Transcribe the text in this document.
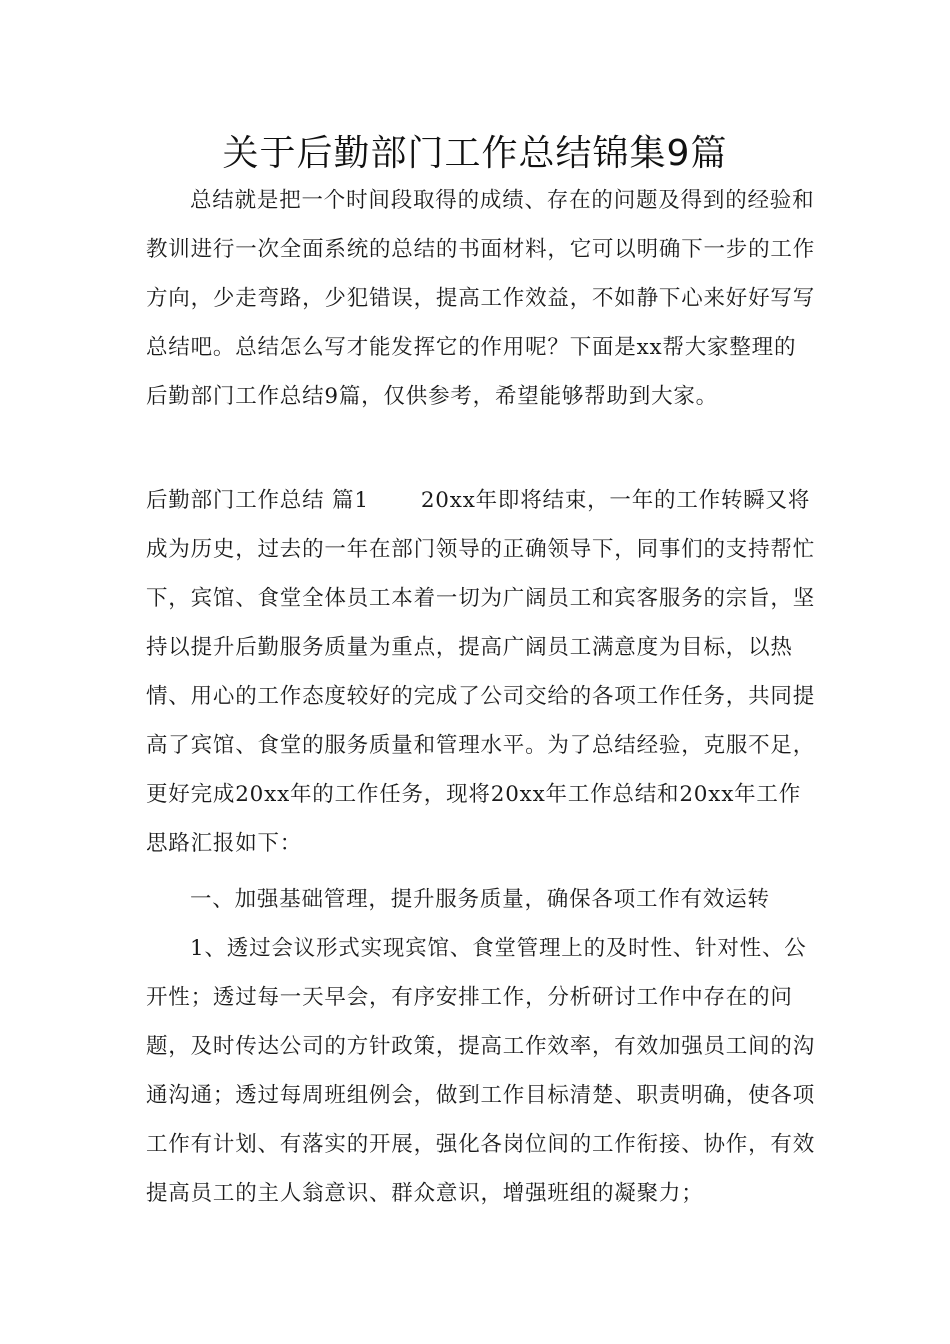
关于后勤部门工作总结锦集9篇

总结就是把一个时间段取得的成绩、存在的问题及得到的经验和教训进行一次全面系统的总结的书面材料，它可以明确下一步的工作方向，少走弯路，少犯错误，提高工作效益，不如静下心来好好写写总结吧。总结怎么写才能发挥它的作用呢？下面是xx帮大家整理的后勤部门工作总结9篇，仅供参考，希望能够帮助到大家。

后勤部门工作总结 篇1 20xx年即将结束，一年的工作转瞬又将成为历史，过去的一年在部门领导的正确领导下，同事们的支持帮忙下，宾馆、食堂全体员工本着一切为广阔员工和宾客服务的宗旨，坚持以提升后勤服务质量为重点，提高广阔员工满意度为目标，以热情、用心的工作态度较好的完成了公司交给的各项工作任务，共同提高了宾馆、食堂的服务质量和管理水平。为了总结经验，克服不足，更好完成20xx年的工作任务，现将20xx年工作总结和20xx年工作思路汇报如下：

一、加强基础管理，提升服务质量，确保各项工作有效运转

1、透过会议形式实现宾馆、食堂管理上的及时性、针对性、公开性；透过每一天早会，有序安排工作，分析研讨工作中存在的问题，及时传达公司的方针政策，提高工作效率，有效加强员工间的沟通沟通；透过每周班组例会，做到工作目标清楚、职责明确，使各项工作有计划、有落实的开展，强化各岗位间的工作衔接、协作，有效提高员工的主人翁意识、群众意识，增强班组的凝聚力；
